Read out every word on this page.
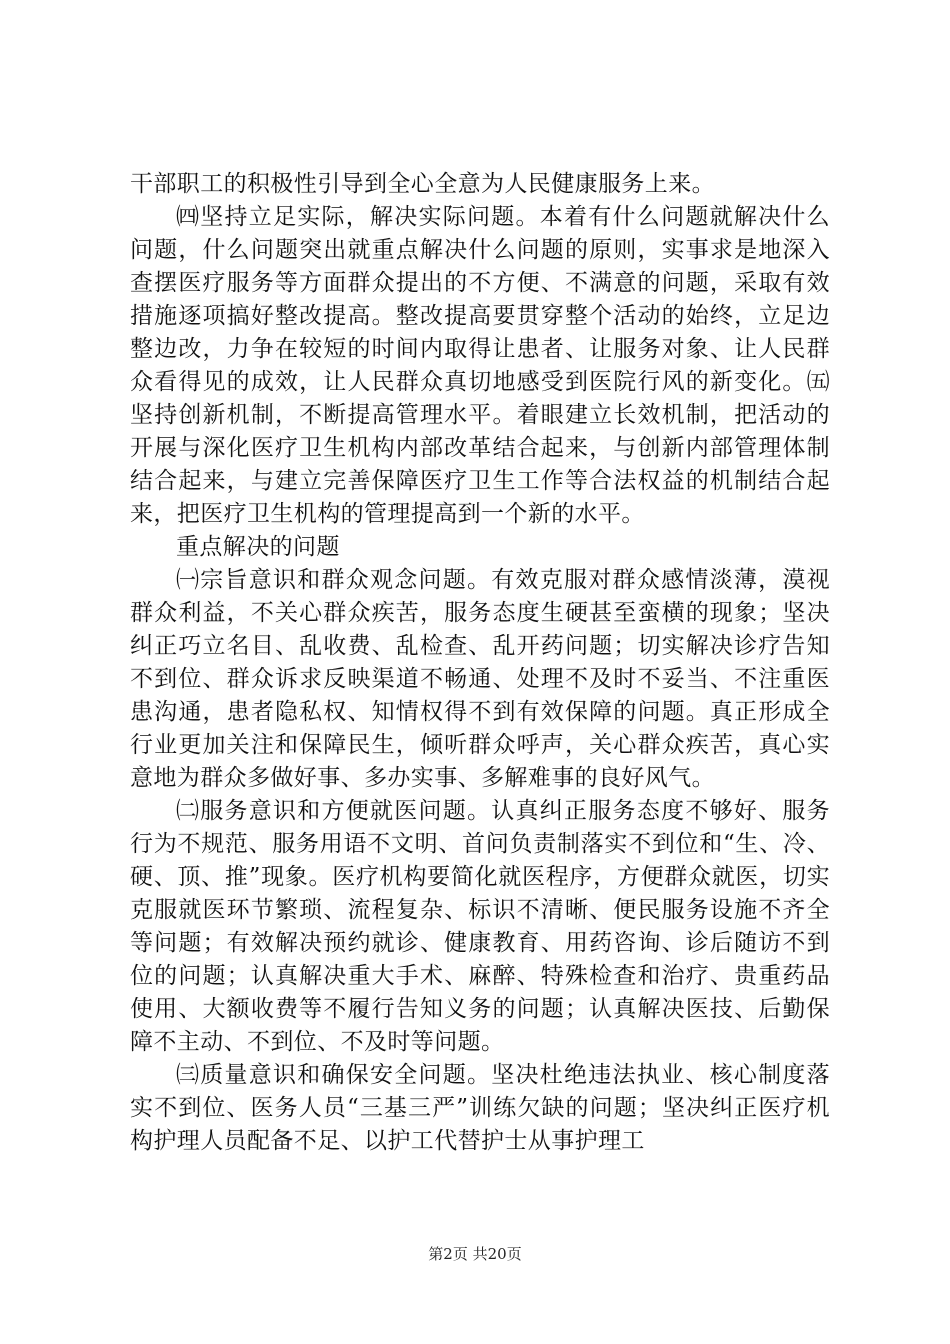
干部职工的积极性引导到全心全意为人民健康服务上来。

㈣坚持立足实际，解决实际问题。本着有什么问题就解决什么问题，什么问题突出就重点解决什么问题的原则，实事求是地深入查摆医疗服务等方面群众提出的不方便、不满意的问题，采取有效措施逐项搞好整改提高。整改提高要贯穿整个活动的始终，立足边整边改，力争在较短的时间内取得让患者、让服务对象、让人民群众看得见的成效，让人民群众真切地感受到医院行风的新变化。㈤坚持创新机制，不断提高管理水平。着眼建立长效机制，把活动的开展与深化医疗卫生机构内部改革结合起来，与创新内部管理体制结合起来，与建立完善保障医疗卫生工作等合法权益的机制结合起来，把医疗卫生机构的管理提高到一个新的水平。

重点解决的问题

㈠宗旨意识和群众观念问题。有效克服对群众感情淡薄，漠视群众利益，不关心群众疾苦，服务态度生硬甚至蛮横的现象；坚决纠正巧立名目、乱收费、乱检查、乱开药问题；切实解决诊疗告知不到位、群众诉求反映渠道不畅通、处理不及时不妥当、不注重医患沟通，患者隐私权、知情权得不到有效保障的问题。真正形成全行业更加关注和保障民生，倾听群众呼声，关心群众疾苦，真心实意地为群众多做好事、多办实事、多解难事的良好风气。

㈡服务意识和方便就医问题。认真纠正服务态度不够好、服务行为不规范、服务用语不文明、首问负责制落实不到位和“生、冷、硬、顶、推”现象。医疗机构要简化就医程序，方便群众就医，切实克服就医环节繁琐、流程复杂、标识不清晰、便民服务设施不齐全等问题；有效解决预约就诊、健康教育、用药咨询、诊后随访不到位的问题；认真解决重大手术、麻醉、特殊检查和治疗、贵重药品使用、大额收费等不履行告知义务的问题；认真解决医技、后勤保障不主动、不到位、不及时等问题。

㈢质量意识和确保安全问题。坚决杜绝违法执业、核心制度落实不到位、医务人员“三基三严”训练欠缺的问题；坚决纠正医疗机构护理人员配备不足、以护工代替护士从事护理工

第2页 共20页
